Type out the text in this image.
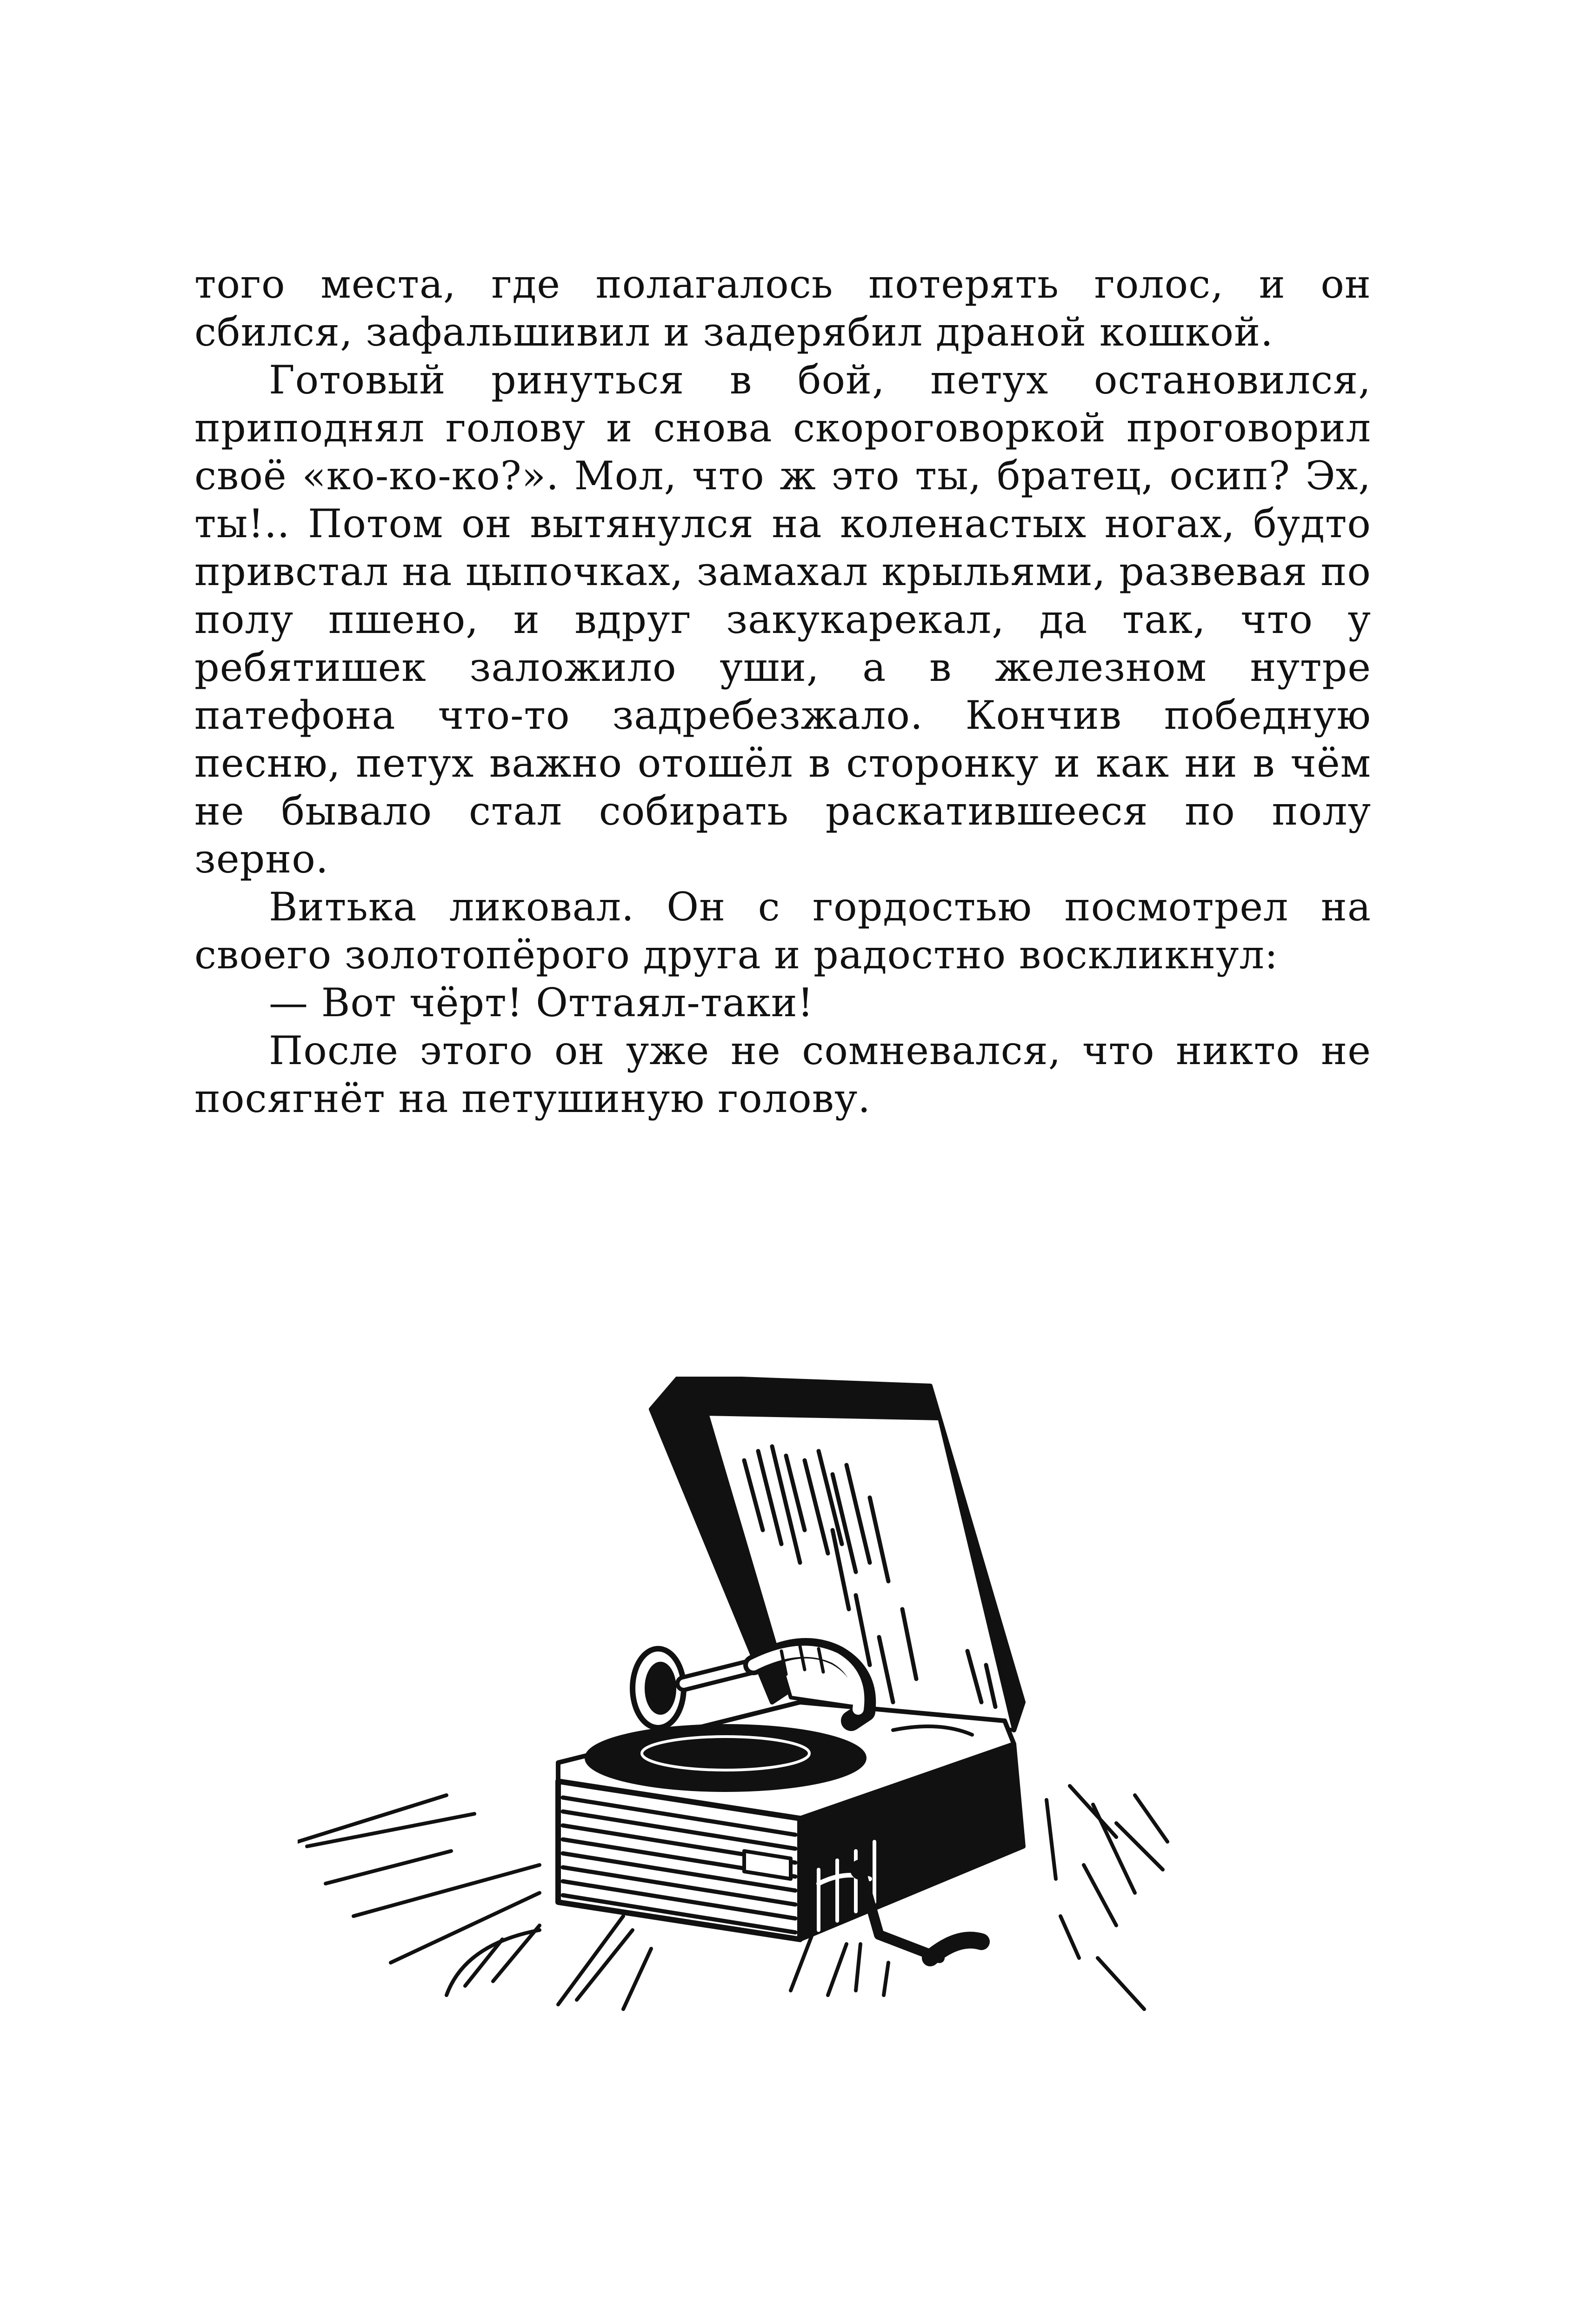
того места, где полагалось потерять голос, и он сбился, зафальшивил и задерябил драной кошкой.

Готовый ринуться в бой, петух остановился, приподнял голову и снова скороговоркой проговорил своё «ко-ко-ко?». Мол, что ж это ты, братец, осип? Эх, ты!.. Потом он вытянулся на коленастых ногах, будто привстал на цыпочках, замахал крыльями, развевая по полу пшено, и вдруг закукарекал, да так, что у ребятишек заложило уши, а в железном нутре патефона что-то задребезжало. Кончив победную песню, петух важно отошёл в сторонку и как ни в чём не бывало стал собирать раскатившееся по полу зерно.

Витька ликовал. Он с гордостью посмотрел на своего золотопёрого друга и радостно воскликнул:

— Вот чёрт! Оттаял-таки!

После этого он уже не сомневался, что никто не посягнёт на петушиную голову.
